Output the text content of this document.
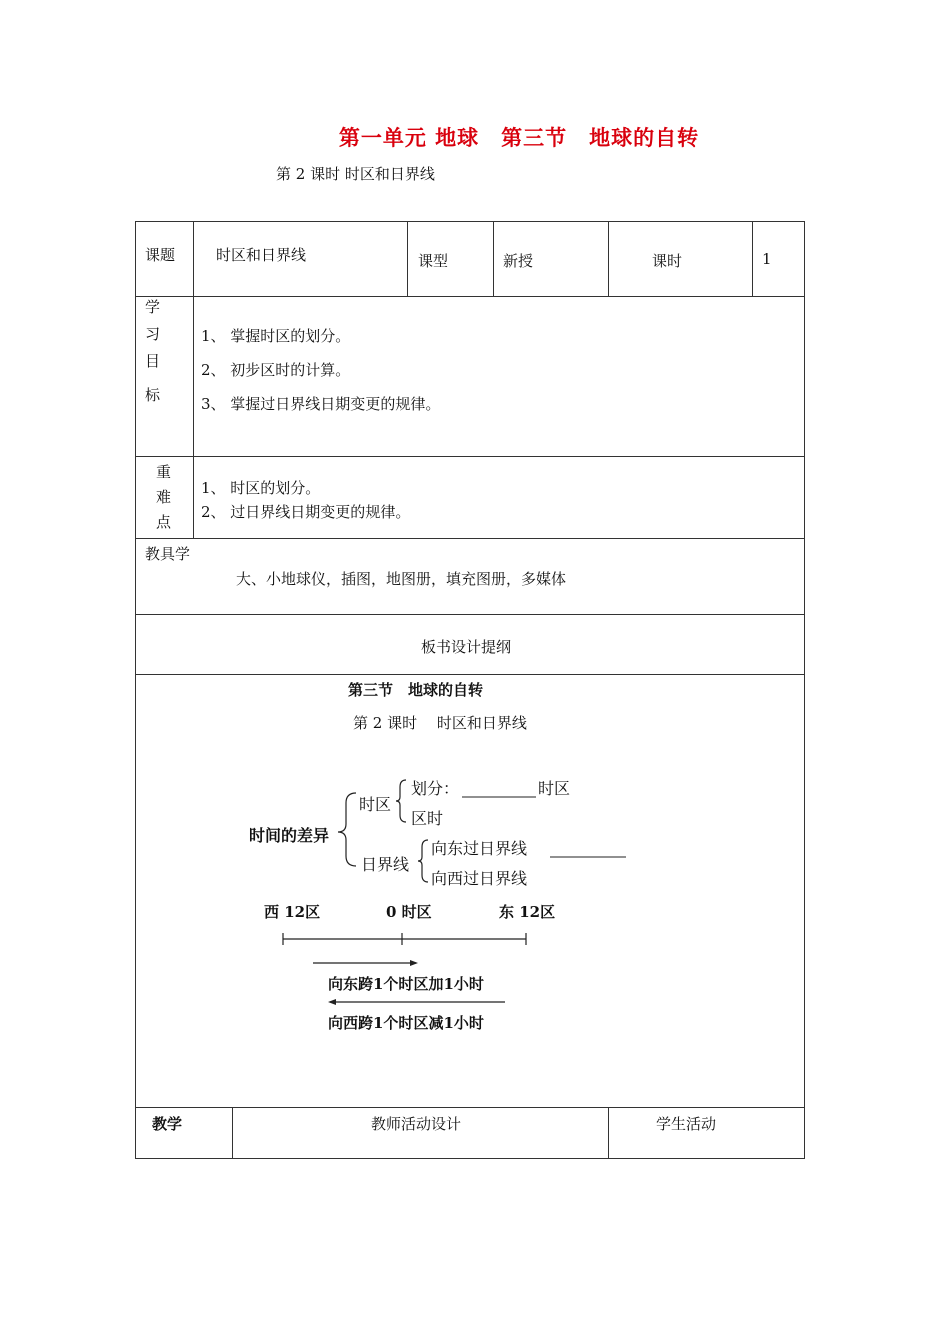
第一单元 地球　第三节　地球的自转
第 2 课时 时区和日界线
课题	时区和日界线	课型	新授	课时	1
学
习
目
标
1、 掌握时区的划分。
2、 初步区时的计算。
3、 掌握过日界线日期变更的规律。
重
难
点
1、 时区的划分。
2、 过日界线日期变更的规律。
教具学
大、小地球仪，插图，地图册，填充图册，多媒体
板书设计提纲
第三节　地球的自转
第 2 课时　 时区和日界线
时间的差异
时区
划分：	时区
区时
日界线
向东过日界线
向西过日界线
西 12区	0 时区	东 12区
向东跨1个时区加1小时
向西跨1个时区减1小时
教学	教师活动设计	学生活动
